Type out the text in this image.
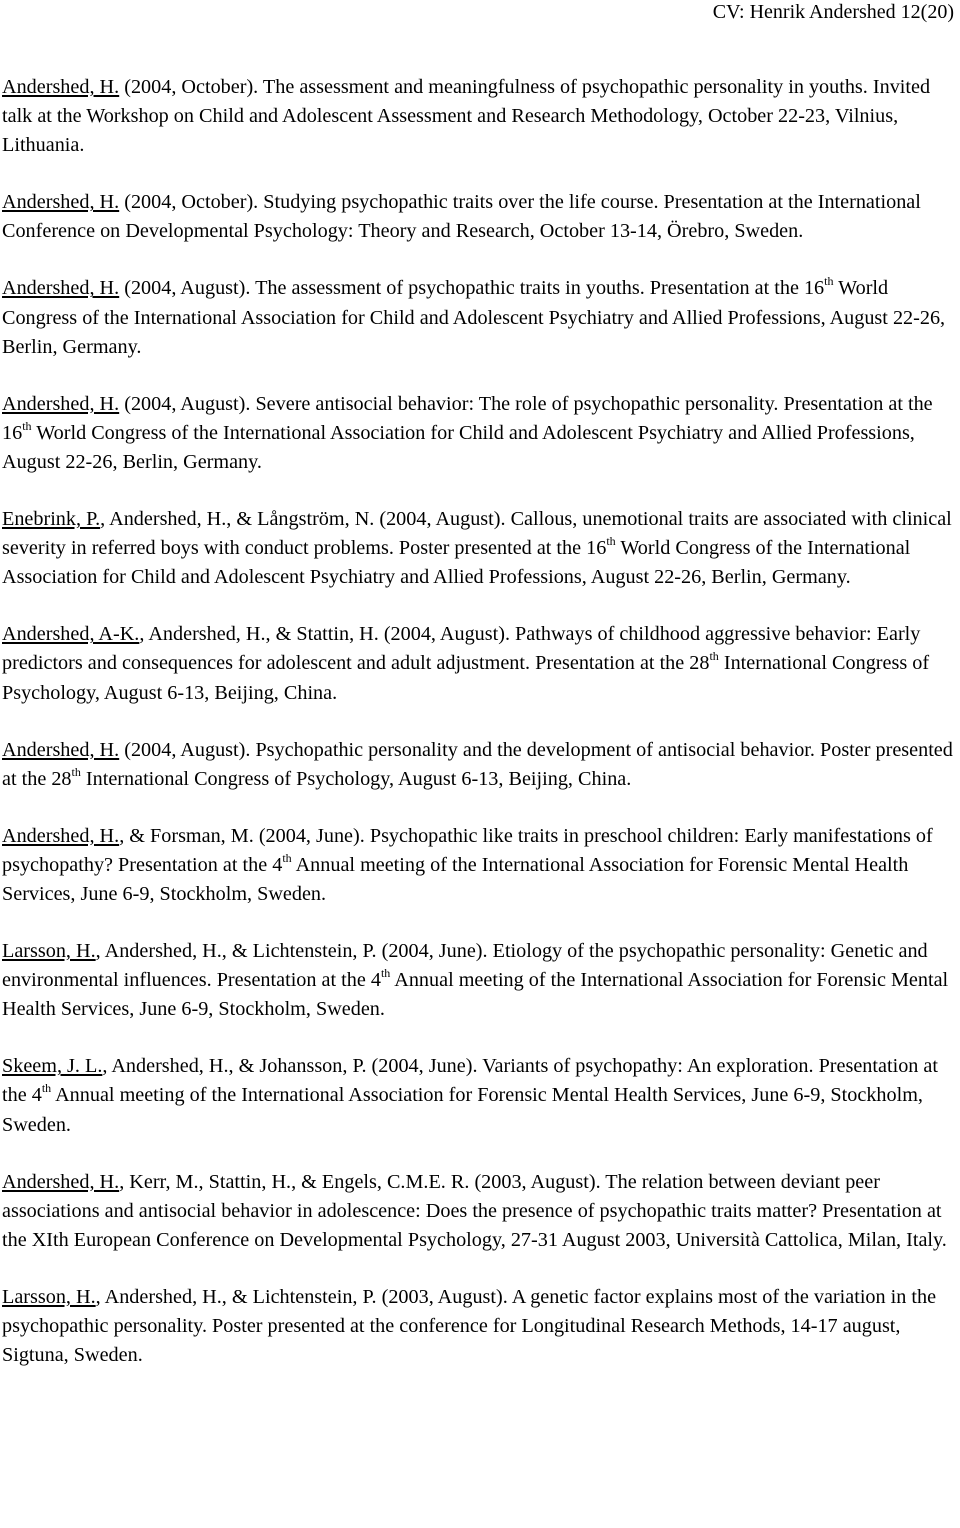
CV: Henrik Andershed 12(20)

Andershed, H. (2004, October). The assessment and meaningfulness of psychopathic personality in youths. Invited talk at the Workshop on Child and Adolescent Assessment and Research Methodology, October 22-23, Vilnius, Lithuania.

Andershed, H. (2004, October). Studying psychopathic traits over the life course. Presentation at the International Conference on Developmental Psychology: Theory and Research, October 13-14, Örebro, Sweden.

Andershed, H. (2004, August). The assessment of psychopathic traits in youths. Presentation at the 16th World Congress of the International Association for Child and Adolescent Psychiatry and Allied Professions, August 22-26, Berlin, Germany.

Andershed, H. (2004, August). Severe antisocial behavior: The role of psychopathic personality. Presentation at the 16th World Congress of the International Association for Child and Adolescent Psychiatry and Allied Professions, August 22-26, Berlin, Germany.

Enebrink, P., Andershed, H., & Långström, N. (2004, August). Callous, unemotional traits are associated with clinical severity in referred boys with conduct problems. Poster presented at the 16th World Congress of the International Association for Child and Adolescent Psychiatry and Allied Professions, August 22-26, Berlin, Germany.

Andershed, A-K., Andershed, H., & Stattin, H. (2004, August). Pathways of childhood aggressive behavior: Early predictors and consequences for adolescent and adult adjustment. Presentation at the 28th International Congress of Psychology, August 6-13, Beijing, China.

Andershed, H. (2004, August). Psychopathic personality and the development of antisocial behavior. Poster presented at the 28th International Congress of Psychology, August 6-13, Beijing, China.

Andershed, H., & Forsman, M. (2004, June). Psychopathic like traits in preschool children: Early manifestations of psychopathy? Presentation at the 4th Annual meeting of the International Association for Forensic Mental Health Services, June 6-9, Stockholm, Sweden.

Larsson, H., Andershed, H., & Lichtenstein, P. (2004, June). Etiology of the psychopathic personality: Genetic and environmental influences. Presentation at the 4th Annual meeting of the International Association for Forensic Mental Health Services, June 6-9, Stockholm, Sweden.

Skeem, J. L., Andershed, H., & Johansson, P. (2004, June). Variants of psychopathy: An exploration. Presentation at the 4th Annual meeting of the International Association for Forensic Mental Health Services, June 6-9, Stockholm, Sweden.

Andershed, H., Kerr, M., Stattin, H., & Engels, C.M.E. R. (2003, August). The relation between deviant peer associations and antisocial behavior in adolescence: Does the presence of psychopathic traits matter? Presentation at the XIth European Conference on Developmental Psychology, 27-31 August 2003, Università Cattolica, Milan, Italy.

Larsson, H., Andershed, H., & Lichtenstein, P. (2003, August). A genetic factor explains most of the variation in the psychopathic personality. Poster presented at the conference for Longitudinal Research Methods, 14-17 august, Sigtuna, Sweden.
